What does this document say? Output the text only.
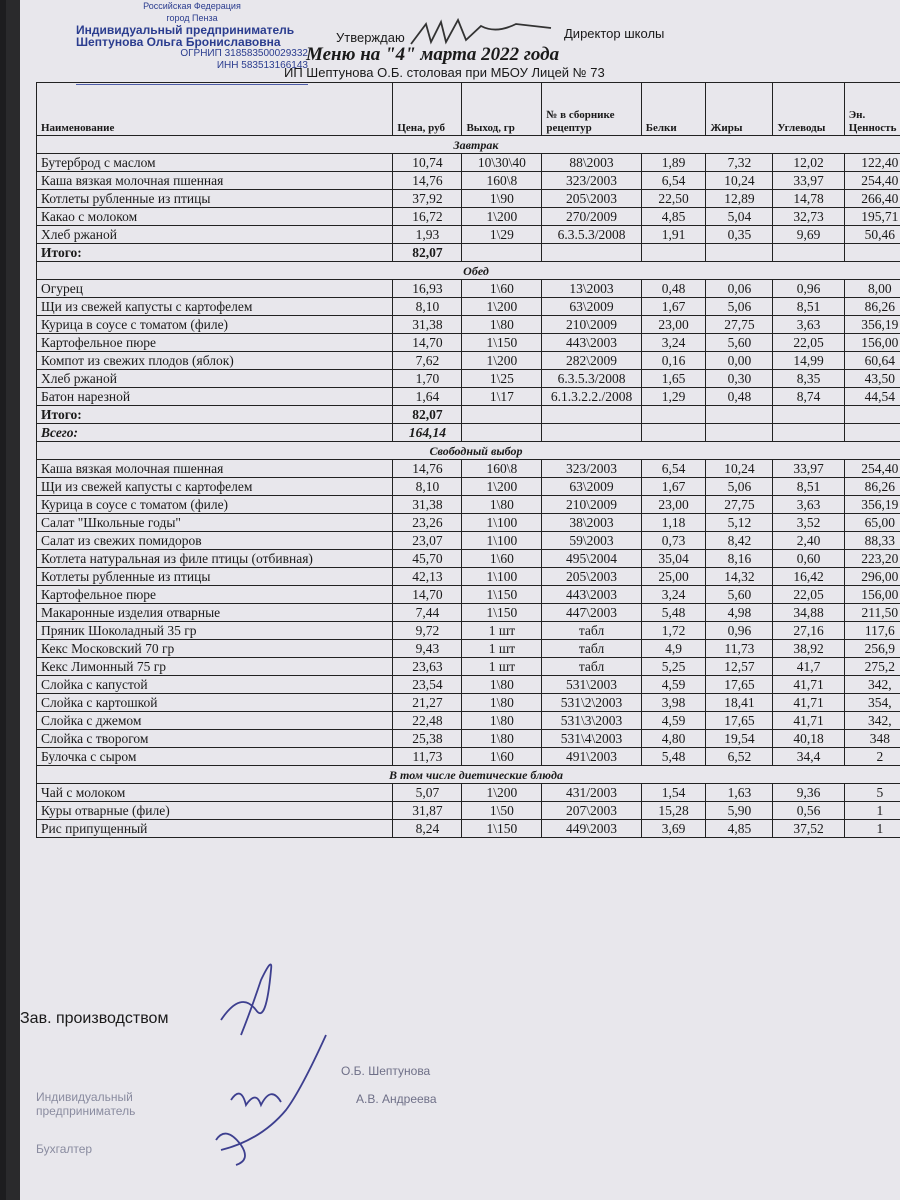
Российская Федерация
город Пенза
Индивидуальный предприниматель
Шептунова Ольга Брониславовна
ОГРНИП 318583500029332
ИНН 583513166143
Утверждаю	Директор школы
Меню на "4" марта 2022 года
ИП Шептунова О.Б. столовая при МБОУ Лицей № 73
Наименование	Цена, руб	Выход, гр	№ в сборнике рецептур	Белки	Жиры	Углеводы	Эн. Ценность
Завтрак							
Бутерброд с маслом	10,74	10\30\40	88\2003	1,89	7,32	12,02	122,40
Каша вязкая молочная пшенная	14,76	160\8	323/2003	6,54	10,24	33,97	254,40
Котлеты рубленные из птицы	37,92	1\90	205\2003	22,50	12,89	14,78	266,40
Какао с молоком	16,72	1\200	270/2009	4,85	5,04	32,73	195,71
Хлеб ржаной	1,93	1\29	6.3.5.3/2008	1,91	0,35	9,69	50,46
Итого:	82,07						
Обед							
Огурец	16,93	1\60	13\2003	0,48	0,06	0,96	8,00
Щи из свежей капусты с картофелем	8,10	1\200	63\2009	1,67	5,06	8,51	86,26
Курица в соусе с томатом (филе)	31,38	1\80	210\2009	23,00	27,75	3,63	356,19
Картофельное пюре	14,70	1\150	443\2003	3,24	5,60	22,05	156,00
Компот из свежих плодов (яблок)	7,62	1\200	282\2009	0,16	0,00	14,99	60,64
Хлеб ржаной	1,70	1\25	6.3.5.3/2008	1,65	0,30	8,35	43,50
Батон нарезной	1,64	1\17	6.1.3.2.2./2008	1,29	0,48	8,74	44,54
Итого:	82,07						
Всего:	164,14						
Свободный выбор							
Каша вязкая молочная пшенная	14,76	160\8	323/2003	6,54	10,24	33,97	254,40
Щи из свежей капусты с картофелем	8,10	1\200	63\2009	1,67	5,06	8,51	86,26
Курица в соусе с томатом (филе)	31,38	1\80	210\2009	23,00	27,75	3,63	356,19
Салат "Школьные годы"	23,26	1\100	38\2003	1,18	5,12	3,52	65,00
Салат из свежих помидоров	23,07	1\100	59\2003	0,73	8,42	2,40	88,33
Котлета натуральная из филе птицы (отбивная)	45,70	1\60	495\2004	35,04	8,16	0,60	223,20
Котлеты рубленные из птицы	42,13	1\100	205\2003	25,00	14,32	16,42	296,00
Картофельное пюре	14,70	1\150	443\2003	3,24	5,60	22,05	156,00
Макаронные изделия отварные	7,44	1\150	447\2003	5,48	4,98	34,88	211,50
Пряник Шоколадный 35 гр	9,72	1 шт	табл	1,72	0,96	27,16	117,6
Кекс Московский 70 гр	9,43	1 шт	табл	4,9	11,73	38,92	256,9
Кекс Лимонный 75 гр	23,63	1 шт	табл	5,25	12,57	41,7	275,2
Слойка с капустой	23,54	1\80	531\2003	4,59	17,65	41,71	342,
Слойка с картошкой	21,27	1\80	531\2\2003	3,98	18,41	41,71	354,
Слойка с джемом	22,48	1\80	531\3\2003	4,59	17,65	41,71	342,
Слойка с творогом	25,38	1\80	531\4\2003	4,80	19,54	40,18	348
Булочка с сыром	11,73	1\60	491\2003	5,48	6,52	34,4	2
В том числе диетические блюда							
Чай с молоком	5,07	1\200	431/2003	1,54	1,63	9,36	5
Куры отварные (филе)	31,87	1\50	207\2003	15,28	5,90	0,56	1
Рис припущенный	8,24	1\150	449\2003	3,69	4,85	37,52	1
Зав. производством
Индивидуальный предприниматель
О.Б. Шептунова
Бухгалтер
А.В. Андреева
